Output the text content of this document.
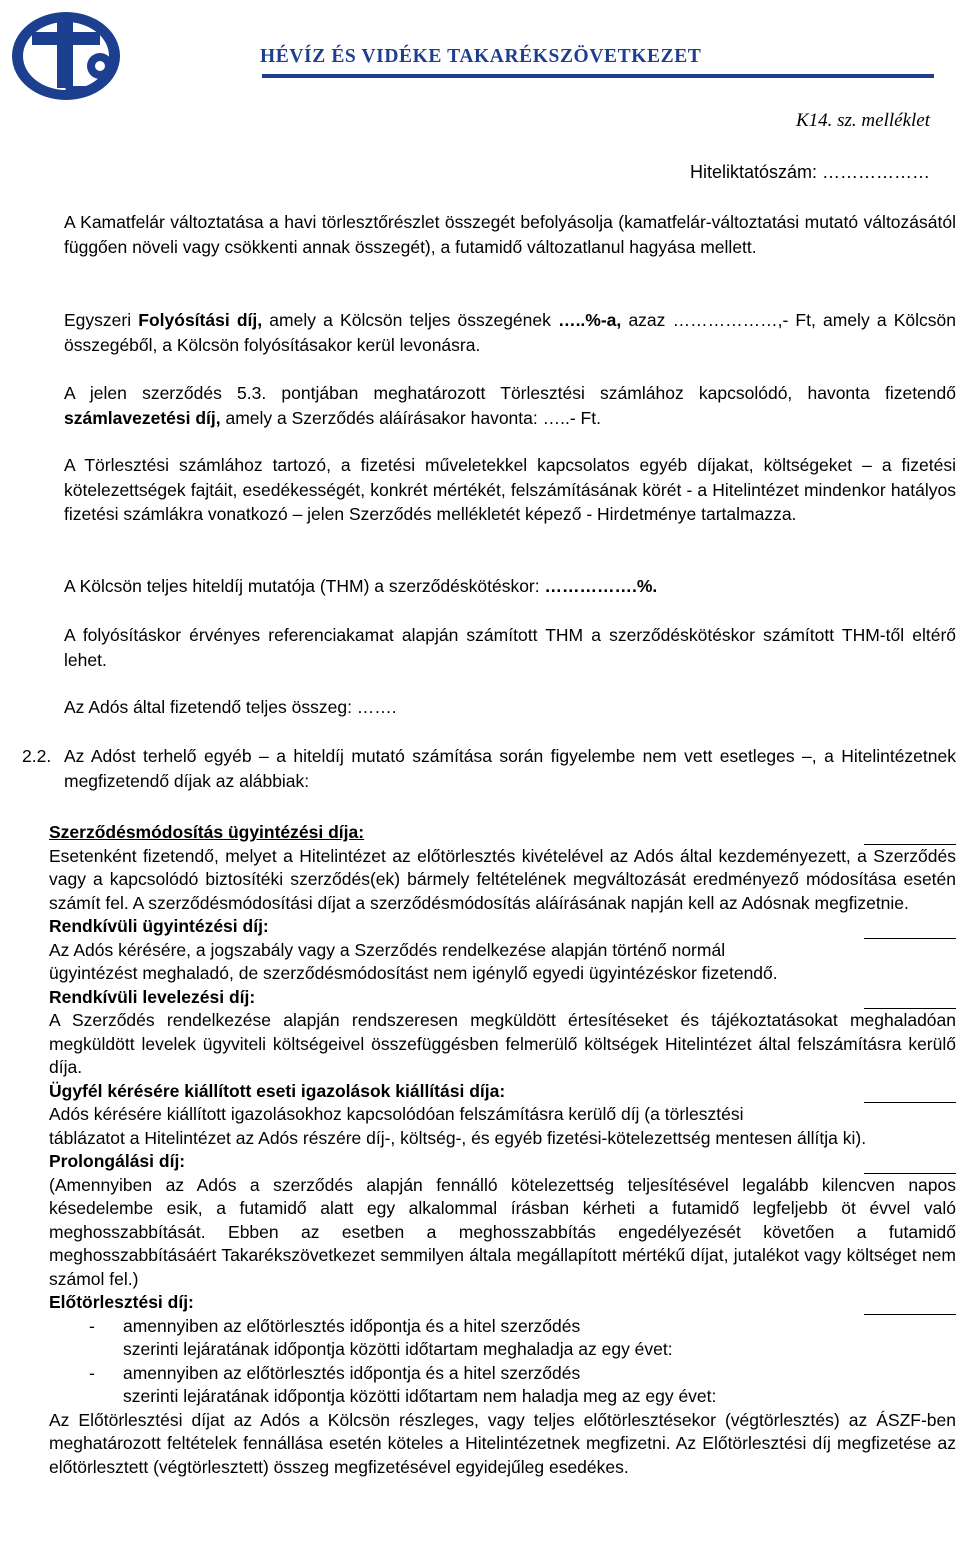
HÉVÍZ ÉS VIDÉKE TAKARÉKSZÖVETKEZET
K14. sz. melléklet
Hiteliktatószám: ………………
A Kamatfelár változtatása a havi törlesztőrészlet összegét befolyásolja (kamatfelár-változtatási mutató változásától függően növeli vagy csökkenti annak összegét), a futamidő változatlanul hagyása mellett.
Egyszeri Folyósítási díj, amely a Kölcsön teljes összegének …..%-a, azaz ………………,- Ft, amely a Kölcsön összegéből, a Kölcsön folyósításakor kerül levonásra.
A jelen szerződés 5.3. pontjában meghatározott Törlesztési számlához kapcsolódó, havonta fizetendő számlavezetési díj, amely a Szerződés aláírásakor havonta: …..- Ft.
A Törlesztési számlához tartozó, a fizetési műveletekkel kapcsolatos egyéb díjakat, költségeket – a fizetési kötelezettségek fajtáit, esedékességét, konkrét mértékét, felszámításának körét - a Hitelintézet mindenkor hatályos fizetési számlákra vonatkozó – jelen Szerződés mellékletét képező - Hirdetménye tartalmazza.
A Kölcsön teljes hiteldíj mutatója (THM) a szerződéskötéskor: …………….%.
A folyósításkor érvényes referenciakamat alapján számított THM a szerződéskötéskor számított THM-től eltérő lehet.
Az Adós által fizetendő teljes összeg: …….
2.2. Az Adóst terhelő egyéb – a hiteldíj mutató számítása során figyelembe nem vett esetleges –, a Hitelintézetnek megfizetendő díjak az alábbiak:
Szerződésmódosítás ügyintézési díja:
Esetenként fizetendő, melyet a Hitelintézet az előtörlesztés kivételével az Adós által kezdeményezett, a Szerződés vagy a kapcsolódó biztosítéki szerződés(ek) bármely feltételének megváltozását eredményező módosítása esetén számít fel. A szerződésmódosítási díjat a szerződésmódosítás aláírásának napján kell az Adósnak megfizetnie.
Rendkívüli ügyintézési díj:
Az Adós kérésére, a jogszabály vagy a Szerződés rendelkezése alapján történő normál
ügyintézést meghaladó, de szerződésmódosítást nem igénylő egyedi ügyintézéskor fizetendő.
Rendkívüli levelezési díj:
A Szerződés rendelkezése alapján rendszeresen megküldött értesítéseket és tájékoztatásokat meghaladóan megküldött levelek ügyviteli költségeivel összefüggésben felmerülő költségek Hitelintézet által felszámításra kerülő díja.
Ügyfél kérésére kiállított eseti igazolások kiállítási díja:
Adós kérésére kiállított igazolásokhoz kapcsolódóan felszámításra kerülő díj (a törlesztési
táblázatot a Hitelintézet az Adós részére díj-, költség-, és egyéb fizetési-kötelezettség mentesen állítja ki).
Prolongálási díj:
(Amennyiben az Adós a szerződés alapján fennálló kötelezettség teljesítésével legalább kilencven napos késedelembe esik, a futamidő alatt egy alkalommal írásban kérheti a futamidő legfeljebb öt évvel való meghosszabbítását. Ebben az esetben a meghosszabbítás engedélyezését követően a futamidő meghosszabbításáért Takarékszövetkezet semmilyen általa megállapított mértékű díjat, jutalékot vagy költséget nem számol fel.)
Előtörlesztési díj:
-	amennyiben az előtörlesztés időpontja és a hitel szerződés
szerinti lejáratának időpontja közötti időtartam meghaladja az egy évet:
-	amennyiben az előtörlesztés időpontja és a hitel szerződés
szerinti lejáratának időpontja közötti időtartam nem haladja meg az egy évet:
Az Előtörlesztési díjat az Adós a Kölcsön részleges, vagy teljes előtörlesztésekor (végtörlesztés) az ÁSZF-ben meghatározott feltételek fennállása esetén köteles a Hitelintézetnek megfizetni. Az Előtörlesztési díj megfizetése az előtörlesztett (végtörlesztett) összeg megfizetésével egyidejűleg esedékes.
